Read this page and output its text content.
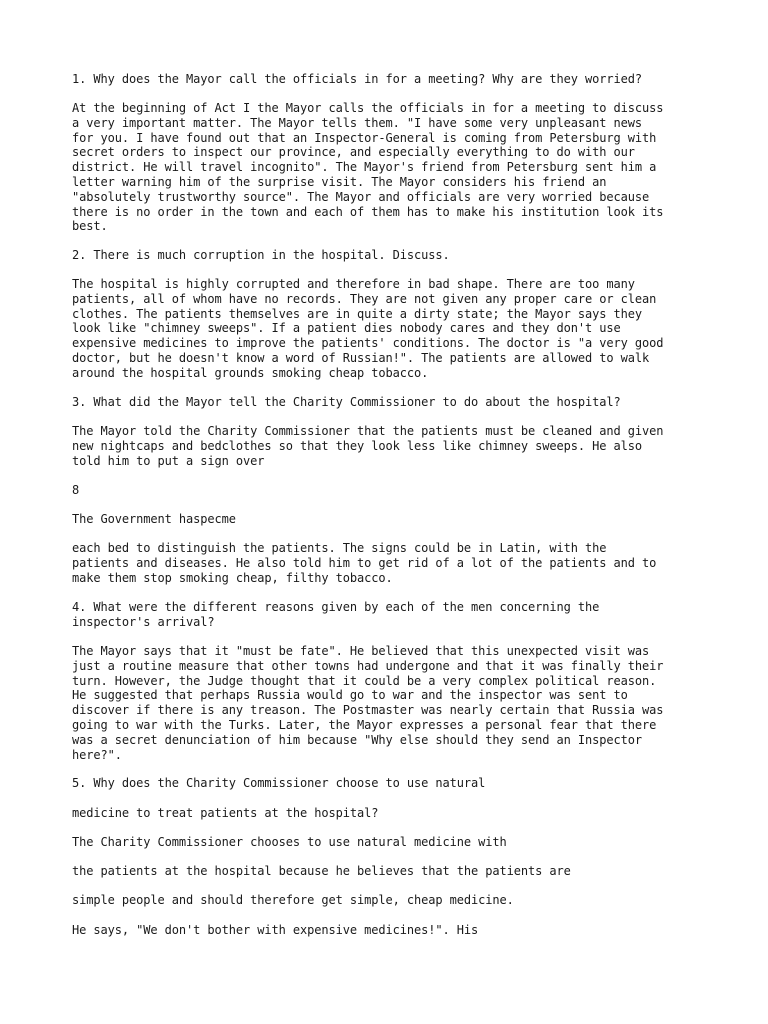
1. Why does the Mayor call the officials in for a meeting? Why are they worried?

At the beginning of Act I the Mayor calls the officials in for a meeting to discuss
a very important matter. The Mayor tells them. "I have some very unpleasant news
for you. I have found out that an Inspector-General is coming from Petersburg with
secret orders to inspect our province, and especially everything to do with our
district. He will travel incognito". The Mayor's friend from Petersburg sent him a
letter warning him of the surprise visit. The Mayor considers his friend an
"absolutely trustworthy source". The Mayor and officials are very worried because
there is no order in the town and each of them has to make his institution look its
best.

2. There is much corruption in the hospital. Discuss.

The hospital is highly corrupted and therefore in bad shape. There are too many
patients, all of whom have no records. They are not given any proper care or clean
clothes. The patients themselves are in quite a dirty state; the Mayor says they
look like "chimney sweeps". If a patient dies nobody cares and they don't use
expensive medicines to improve the patients' conditions. The doctor is "a very good
doctor, but he doesn't know a word of Russian!". The patients are allowed to walk
around the hospital grounds smoking cheap tobacco.

3. What did the Mayor tell the Charity Commissioner to do about the hospital?

The Mayor told the Charity Commissioner that the patients must be cleaned and given
new nightcaps and bedclothes so that they look less like chimney sweeps. He also
told him to put a sign over

8

The Government haspecme

each bed to distinguish the patients. The signs could be in Latin, with the
patients and diseases. He also told him to get rid of a lot of the patients and to
make them stop smoking cheap, filthy tobacco.

4. What were the different reasons given by each of the men concerning the
inspector's arrival?

The Mayor says that it "must be fate". He believed that this unexpected visit was
just a routine measure that other towns had undergone and that it was finally their
turn. However, the Judge thought that it could be a very complex political reason.
He suggested that perhaps Russia would go to war and the inspector was sent to
discover if there is any treason. The Postmaster was nearly certain that Russia was
going to war with the Turks. Later, the Mayor expresses a personal fear that there
was a secret denunciation of him because "Why else should they send an Inspector
here?".

5. Why does the Charity Commissioner choose to use natural

medicine to treat patients at the hospital?

The Charity Commissioner chooses to use natural medicine with

the patients at the hospital because he believes that the patients are

simple people and should therefore get simple, cheap medicine.

He says, "We don't bother with expensive medicines!". His
